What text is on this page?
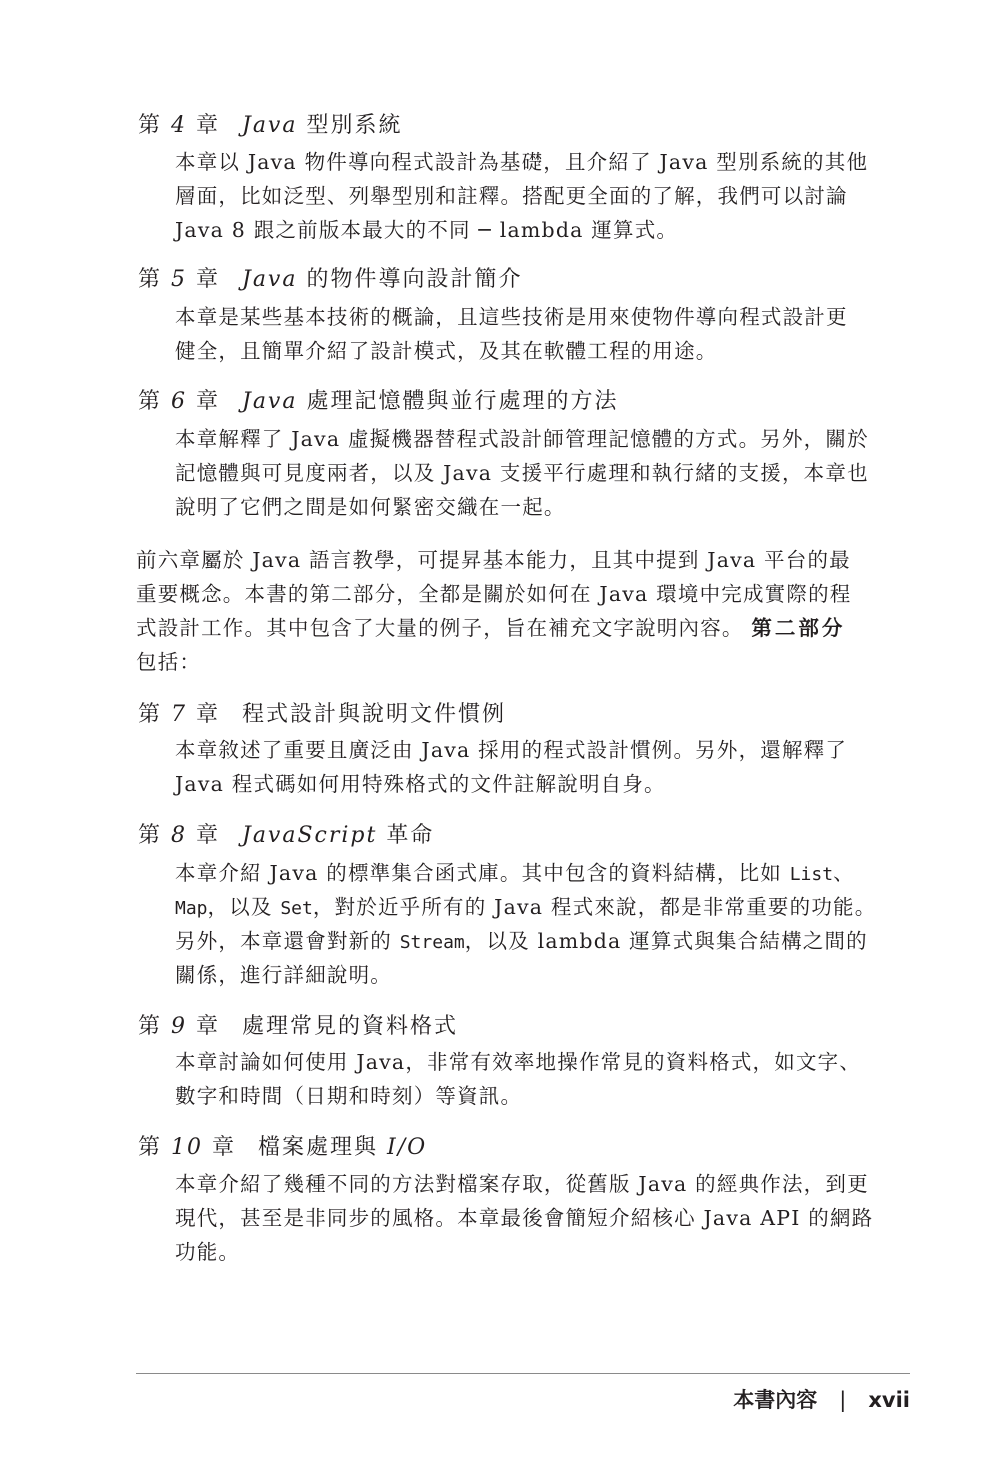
第 4 章 Java 型別系統
本章以 Java 物件導向程式設計為基礎，且介紹了 Java 型別系統的其他
層面，比如泛型、列舉型別和註釋。搭配更全面的了解，我們可以討論
Java 8 跟之前版本最大的不同 ─ lambda 運算式。
第 5 章 Java 的物件導向設計簡介
本章是某些基本技術的概論，且這些技術是用來使物件導向程式設計更
健全，且簡單介紹了設計模式，及其在軟體工程的用途。
第 6 章 Java 處理記憶體與並行處理的方法
本章解釋了 Java 虛擬機器替程式設計師管理記憶體的方式。另外，關於
記憶體與可見度兩者，以及 Java 支援平行處理和執行緒的支援，本章也
說明了它們之間是如何緊密交織在一起。
前六章屬於 Java 語言教學，可提昇基本能力，且其中提到 Java 平台的最
重要概念。本書的第二部分，全都是關於如何在 Java 環境中完成實際的程
式設計工作。其中包含了大量的例子，旨在補充文字說明內容。 第二部分
包括：
第 7 章 程式設計與說明文件慣例
本章敘述了重要且廣泛由 Java 採用的程式設計慣例。另外，還解釋了
Java 程式碼如何用特殊格式的文件註解說明自身。
第 8 章 JavaScript 革命
本章介紹 Java 的標準集合函式庫。其中包含的資料結構，比如 List、
Map，以及 Set，對於近乎所有的 Java 程式來說，都是非常重要的功能。
另外，本章還會對新的 Stream，以及 lambda 運算式與集合結構之間的
關係，進行詳細說明。
第 9 章 處理常見的資料格式
本章討論如何使用 Java，非常有效率地操作常見的資料格式，如文字、
數字和時間（日期和時刻）等資訊。
第 10 章 檔案處理與 I/O
本章介紹了幾種不同的方法對檔案存取，從舊版 Java 的經典作法，到更
現代，甚至是非同步的風格。本章最後會簡短介紹核心 Java API 的網路
功能。
本書內容 | xvii
